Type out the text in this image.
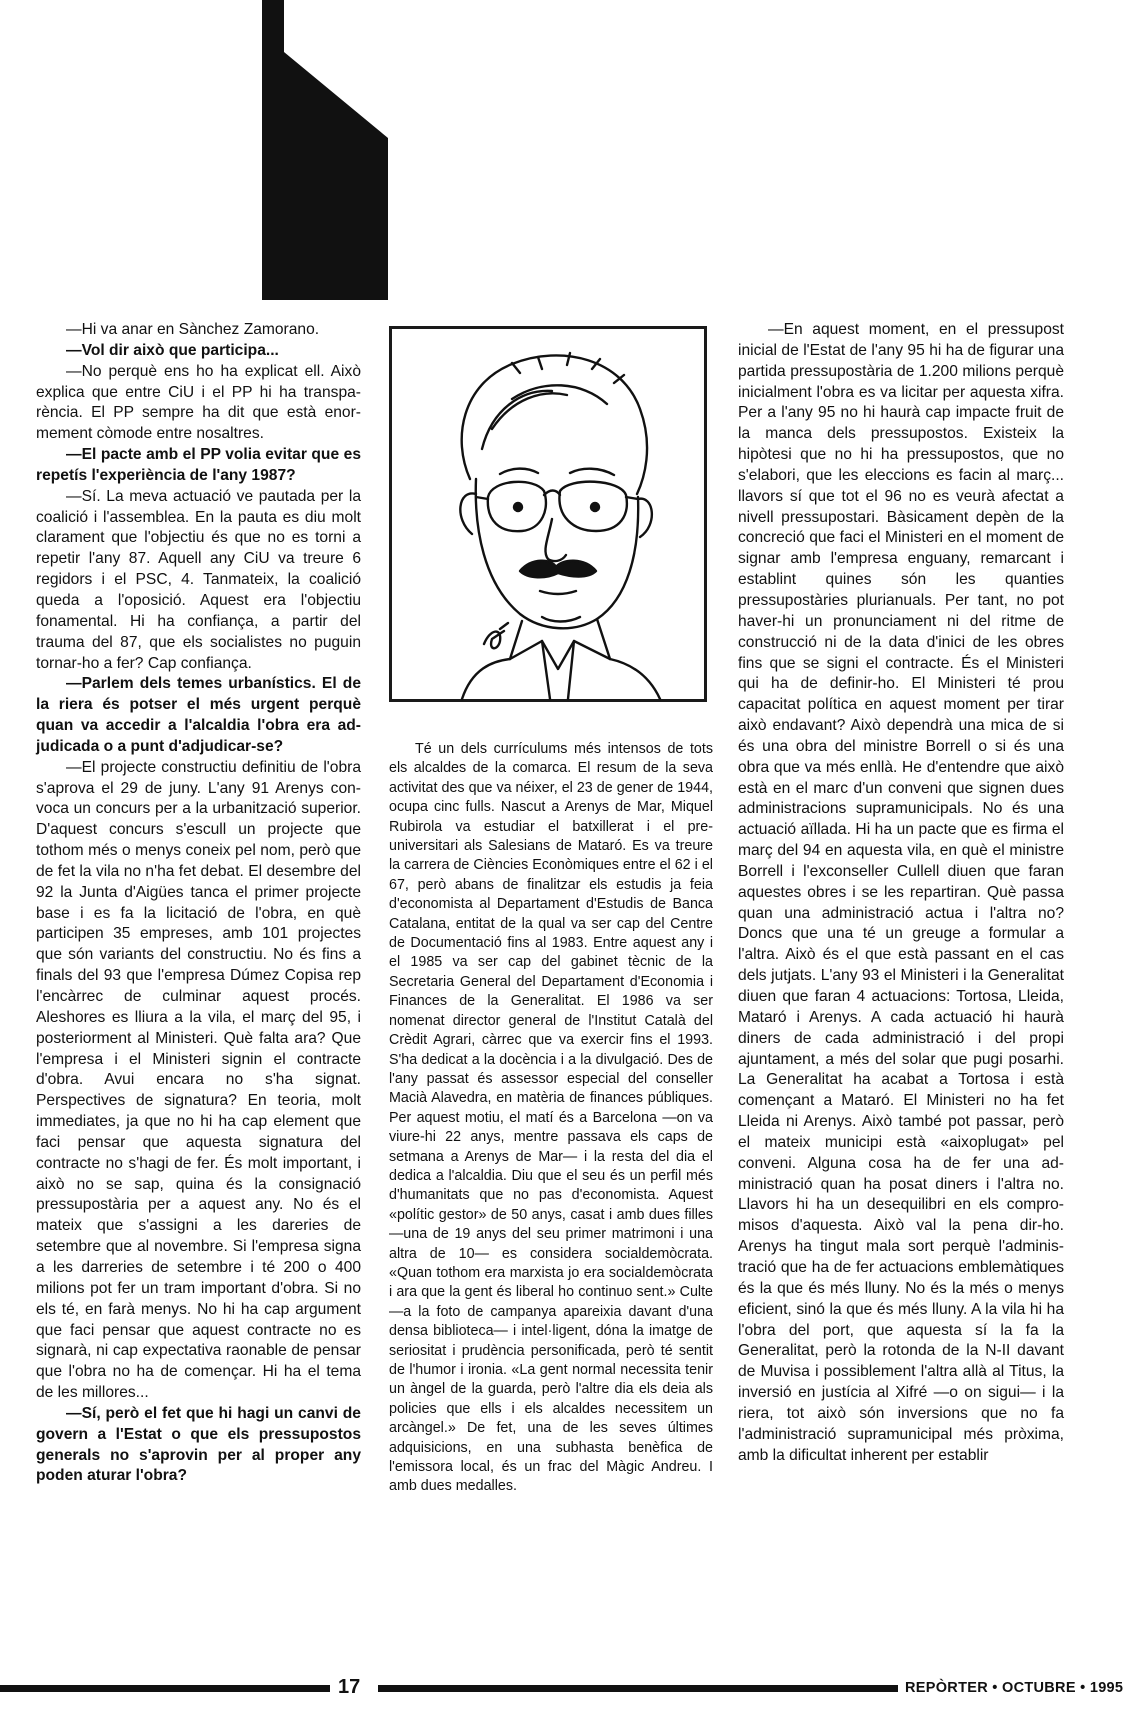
—Hi va anar en Sànchez Zamorano.

—Vol dir això que participa...

—No perquè ens ho ha explicat ell. Això explica que entre CiU i el PP hi ha transparència. El PP sempre ha dit que està enormement còmode entre nosaltres.

—El pacte amb el PP volia evitar que es repetís l'experiència de l'any 1987?

—Sí. La meva actuació ve pautada per la coalició i l'assemblea. En la pauta es diu molt clarament que l'objectiu és que no es torni a repetir l'any 87. Aquell any CiU va treure 6 regidors i el PSC, 4. Tanmateix, la coalició queda a l'oposició. Aquest era l'objectiu fonamental. Hi ha confiança, a partir del trauma del 87, que els socialistes no puguin tornar-ho a fer? Cap confiança.

—Parlem dels temes urbanístics. El de la riera és potser el més urgent perquè quan va accedir a l'alcaldia l'obra era adjudicada o a punt d'adjudicar-se?

—El projecte constructiu definitiu de l'obra s'aprova el 29 de juny. L'any 91 Arenys convoca un concurs per a la urbanització superior. D'aquest concurs s'escull un projecte que tothom més o menys coneix pel nom, però que de fet la vila no n'ha fet debat. El desembre del 92 la Junta d'Aigües tanca el primer projecte base i es fa la licitació de l'obra, en què participen 35 empreses, amb 101 projectes que són variants del constructiu. No és fins a finals del 93 que l'empresa Dúmez Copisa rep l'encàrrec de culminar aquest procés. Aleshores es lliura a la vila, el març del 95, i posteriorment al Ministeri. Què falta ara? Que l'empresa i el Ministeri signin el contracte d'obra. Avui encara no s'ha signat. Perspectives de signatura? En teoria, molt immediates, ja que no hi ha cap element que faci pensar que aquesta signatura del contracte no s'hagi de fer. És molt important, i això no se sap, quina és la consignació pressupostària per a aquest any. No és el mateix que s'assigni a les dareries de setembre que al novembre. Si l'empresa signa a les darreries de setembre i té 200 o 400 milions pot fer un tram important d'obra. Si no els té, en farà menys. No hi ha cap argument que faci pensar que aquest contracte no es signarà, ni cap expectativa raonable de pensar que l'obra no ha de començar. Hi ha el tema de les millores...

—Sí, però el fet que hi hagi un canvi de govern a l'Estat o que els pressupostos generals no s'aprovin per al proper any poden aturar l'obra?

Té un dels currículums més intensos de tots els alcaldes de la comarca. El resum de la seva activitat des que va néixer, el 23 de gener de 1944, ocupa cinc fulls. Nascut a Arenys de Mar, Miquel Rubirola va estudiar el batxillerat i el pre-universitari als Salesians de Mataró. Es va treure la carrera de Ciències Econòmiques entre el 62 i el 67, però abans de finalitzar els estudis ja feia d'economista al Departament d'Estudis de Banca Catalana, entitat de la qual va ser cap del Centre de Documentació fins al 1983. Entre aquest any i el 1985 va ser cap del gabinet tècnic de la Secretaria General del Departament d'Economia i Finances de la Generalitat. El 1986 va ser nomenat director general de l'Institut Català del Crèdit Agrari, càrrec que va exercir fins el 1993. S'ha dedicat a la docència i a la divulgació. Des de l'any passat és assessor especial del conseller Macià Alavedra, en matèria de finances públiques. Per aquest motiu, el matí és a Barcelona —on va viure-hi 22 anys, mentre passava els caps de setmana a Arenys de Mar— i la resta del dia el dedica a l'alcaldia. Diu que el seu és un perfil més d'humanitats que no pas d'economista. Aquest «polític gestor» de 50 anys, casat i amb dues filles —una de 19 anys del seu primer matrimoni i una altra de 10— es considera socialdemòcrata. «Quan tothom era marxista jo era socialdemòcrata i ara que la gent és liberal ho continuo sent.» Culte —a la foto de campanya apareixia davant d'una densa biblioteca— i intel·ligent, dóna la imatge de seriositat i prudència personificada, però té sentit de l'humor i ironia. «La gent normal necessita tenir un àngel de la guarda, però l'altre dia els deia als policies que ells i els alcaldes necessitem un arcàngel.» De fet, una de les seves últimes adquisicions, en una subhasta benèfica de l'emissora local, és un frac del Màgic Andreu. I amb dues medalles.

—En aquest moment, en el pressupost inicial de l'Estat de l'any 95 hi ha de figurar una partida pressupostària de 1.200 milions perquè inicialment l'obra es va licitar per aquesta xifra. Per a l'any 95 no hi haurà cap impacte fruit de la manca dels pressupostos. Existeix la hipòtesi que no hi ha pressupostos, que no s'elabori, que les eleccions es facin al març... llavors sí que tot el 96 no es veurà afectat a nivell pressupostari. Bàsicament depèn de la concreció que faci el Ministeri en el moment de signar amb l'empresa enguany, remarcant i establint quines són les quanties pressupostàries plurianuals. Per tant, no pot haver-hi un pronunciament ni del ritme de construcció ni de la data d'inici de les obres fins que se signi el contracte. És el Ministeri qui ha de definir-ho. El Ministeri té prou capacitat política en aquest moment per tirar això endavant? Això dependrà una mica de si és una obra del ministre Borrell o si és una obra que va més enllà. He d'entendre que això està en el marc d'un conveni que signen dues administracions supramunicipals. No és una actuació aïllada. Hi ha un pacte que es firma el març del 94 en aquesta vila, en què el ministre Borrell i l'exconseller Cullell diuen que faran aquestes obres i se les repartiran. Què passa quan una administració actua i l'altra no? Doncs que una té un greuge a formular a l'altra. Això és el que està passant en el cas dels jutjats. L'any 93 el Ministeri i la Generalitat diuen que faran 4 actuacions: Tortosa, Lleida, Mataró i Arenys. A cada actuació hi haurà diners de cada administració i del propi ajuntament, a més del solar que pugi posarhi. La Generalitat ha acabat a Tortosa i està començant a Mataró. El Ministeri no ha fet Lleida ni Arenys. Això també pot passar, però el mateix municipi està «aixoplugat» pel conveni. Alguna cosa ha de fer una administració quan ha posat diners i l'altra no. Llavors hi ha un desequilibri en els compromisos d'aquesta. Això val la pena dir-ho. Arenys ha tingut mala sort perquè l'administració que ha de fer actuacions emblemàtiques és la que és més lluny. No és la més o menys eficient, sinó la que és més lluny. A la vila hi ha l'obra del port, que aquesta sí la fa la Generalitat, però la rotonda de la N-II davant de Muvisa i possiblement l'altra allà al Titus, la inversió en justícia al Xifré —o on sigui— i la riera, tot això són inversions que no fa l'administració supramunicipal més pròxima, amb la dificultat inherent per establir

17	REPÒRTER • OCTUBRE • 1995
